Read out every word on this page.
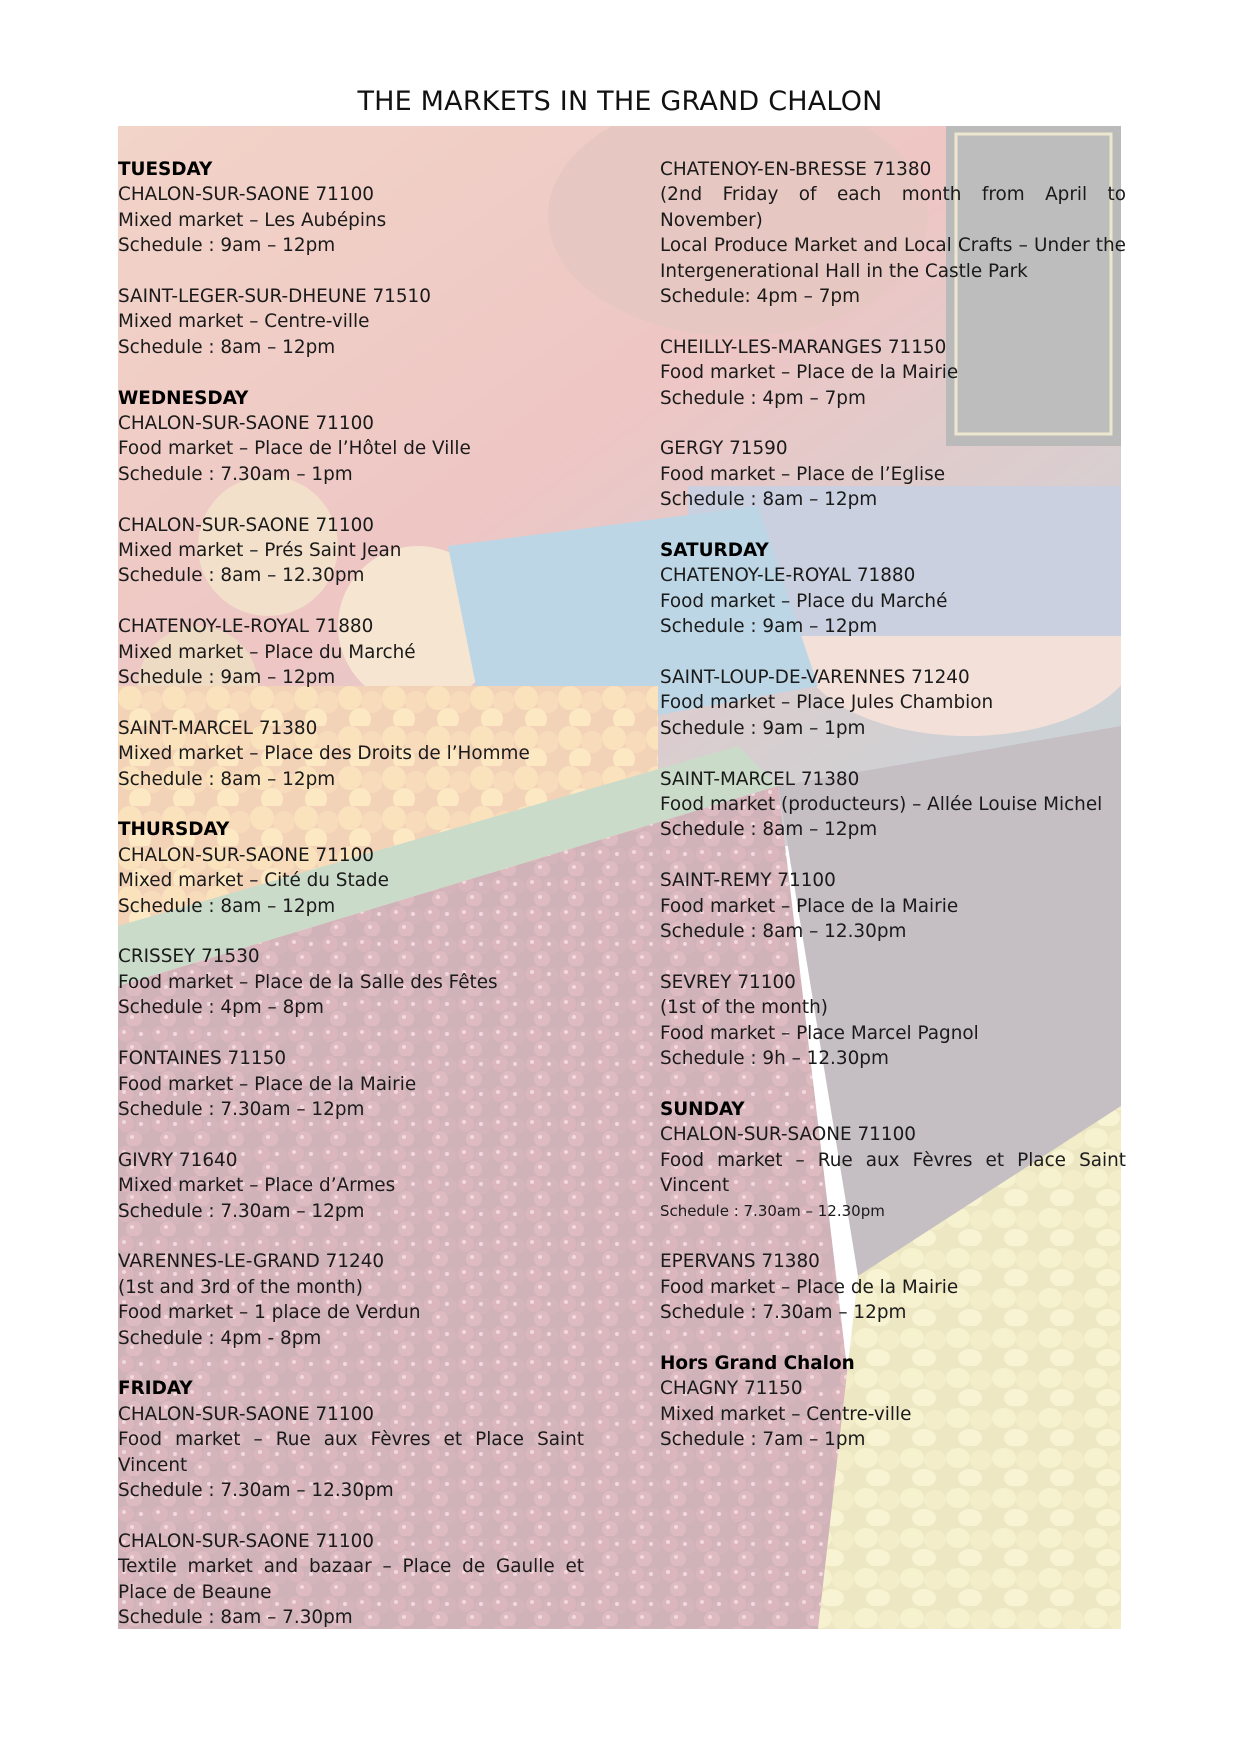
THE MARKETS IN THE GRAND CHALON

TUESDAY

CHALON-SUR-SAONE 71100

Mixed market – Les Aubépins

Schedule : 9am – 12pm

SAINT-LEGER-SUR-DHEUNE 71510

Mixed market – Centre-ville

Schedule : 8am – 12pm

WEDNESDAY

CHALON-SUR-SAONE 71100

Food market – Place de l’Hôtel de Ville

Schedule : 7.30am – 1pm

CHALON-SUR-SAONE 71100

Mixed market – Prés Saint Jean

Schedule : 8am – 12.30pm

CHATENOY-LE-ROYAL 71880

Mixed market – Place du Marché

Schedule : 9am – 12pm

SAINT-MARCEL 71380

Mixed market – Place des Droits de l’Homme

Schedule : 8am – 12pm

THURSDAY

CHALON-SUR-SAONE 71100

Mixed market – Cité du Stade

Schedule : 8am – 12pm

CRISSEY 71530

Food market – Place de la Salle des Fêtes

Schedule : 4pm – 8pm

FONTAINES 71150

Food market – Place de la Mairie

Schedule : 7.30am – 12pm

GIVRY 71640

Mixed market – Place d’Armes

Schedule : 7.30am – 12pm

VARENNES-LE-GRAND 71240

(1st and 3rd of the month)

Food market – 1 place de Verdun

Schedule : 4pm - 8pm

FRIDAY

CHALON-SUR-SAONE 71100

Food market – Rue aux Fèvres et Place Saint Vincent

Schedule : 7.30am – 12.30pm

CHALON-SUR-SAONE 71100

Textile market and bazaar – Place de Gaulle et Place de Beaune

Schedule : 8am – 7.30pm

CHATENOY-EN-BRESSE 71380

(2nd Friday of each month from April to November)

Local Produce Market and Local Crafts – Under the Intergenerational Hall in the Castle Park

Schedule: 4pm – 7pm

CHEILLY-LES-MARANGES 71150

Food market – Place de la Mairie

Schedule : 4pm – 7pm

GERGY 71590

Food market – Place de l’Eglise

Schedule : 8am – 12pm

SATURDAY

CHATENOY-LE-ROYAL 71880

Food market – Place du Marché

Schedule : 9am – 12pm

SAINT-LOUP-DE-VARENNES 71240

Food market – Place Jules Chambion

Schedule : 9am – 1pm

SAINT-MARCEL 71380

Food market (producteurs) – Allée Louise Michel

Schedule : 8am – 12pm

SAINT-REMY 71100

Food market – Place de la Mairie

Schedule : 8am – 12.30pm

SEVREY 71100

(1st of the month)

Food market – Place Marcel Pagnol

Schedule : 9h – 12.30pm

SUNDAY

CHALON-SUR-SAONE 71100

Food market – Rue aux Fèvres et Place Saint Vincent

Schedule : 7.30am – 12.30pm

EPERVANS 71380

Food market – Place de la Mairie

Schedule : 7.30am – 12pm

Hors Grand Chalon

CHAGNY 71150

Mixed market – Centre-ville

Schedule : 7am – 1pm
